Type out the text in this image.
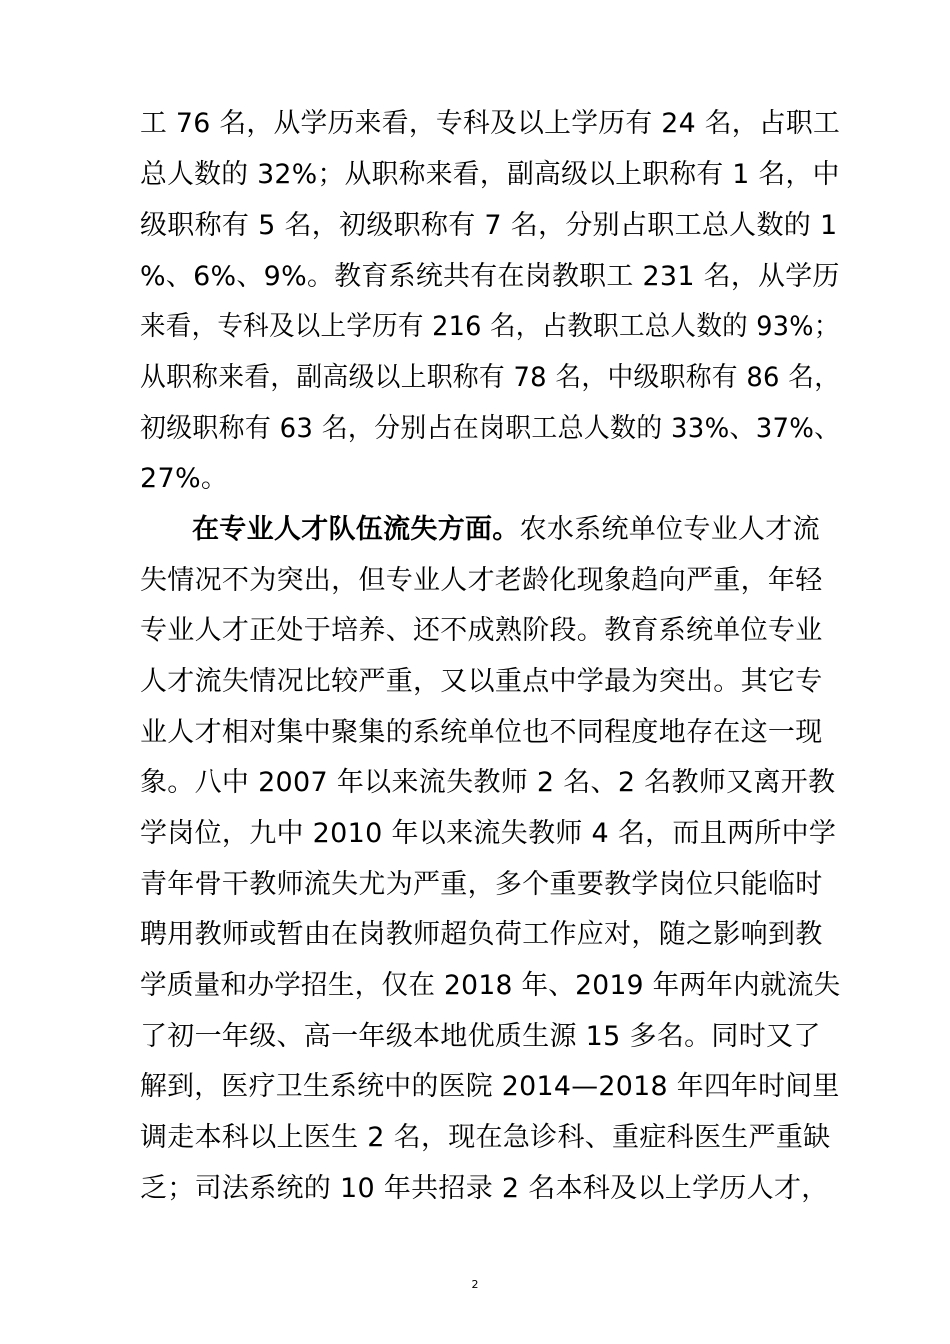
工 76 名，从学历来看，专科及以上学历有 24 名，占职工
总人数的 32%；从职称来看，副高级以上职称有 1 名，中
级职称有 5 名，初级职称有 7 名，分别占职工总人数的 1
%、6%、9%。教育系统共有在岗教职工 231 名，从学历
来看，专科及以上学历有 216 名，占教职工总人数的 93%；
从职称来看，副高级以上职称有 78 名，中级职称有 86 名，
初级职称有 63 名，分别占在岗职工总人数的 33%、37%、
27%。
在专业人才队伍流失方面。农水系统单位专业人才流
失情况不为突出，但专业人才老龄化现象趋向严重，年轻
专业人才正处于培养、还不成熟阶段。教育系统单位专业
人才流失情况比较严重，又以重点中学最为突出。其它专
业人才相对集中聚集的系统单位也不同程度地存在这一现
象。八中 2007 年以来流失教师 2 名、2 名教师又离开教
学岗位，九中 2010 年以来流失教师 4 名，而且两所中学
青年骨干教师流失尤为严重，多个重要教学岗位只能临时
聘用教师或暂由在岗教师超负荷工作应对，随之影响到教
学质量和办学招生，仅在 2018 年、2019 年两年内就流失
了初一年级、高一年级本地优质生源 15 多名。同时又了
解到，医疗卫生系统中的医院 2014—2018 年四年时间里
调走本科以上医生 2 名，现在急诊科、重症科医生严重缺
乏；司法系统的 10 年共招录 2 名本科及以上学历人才，
2
